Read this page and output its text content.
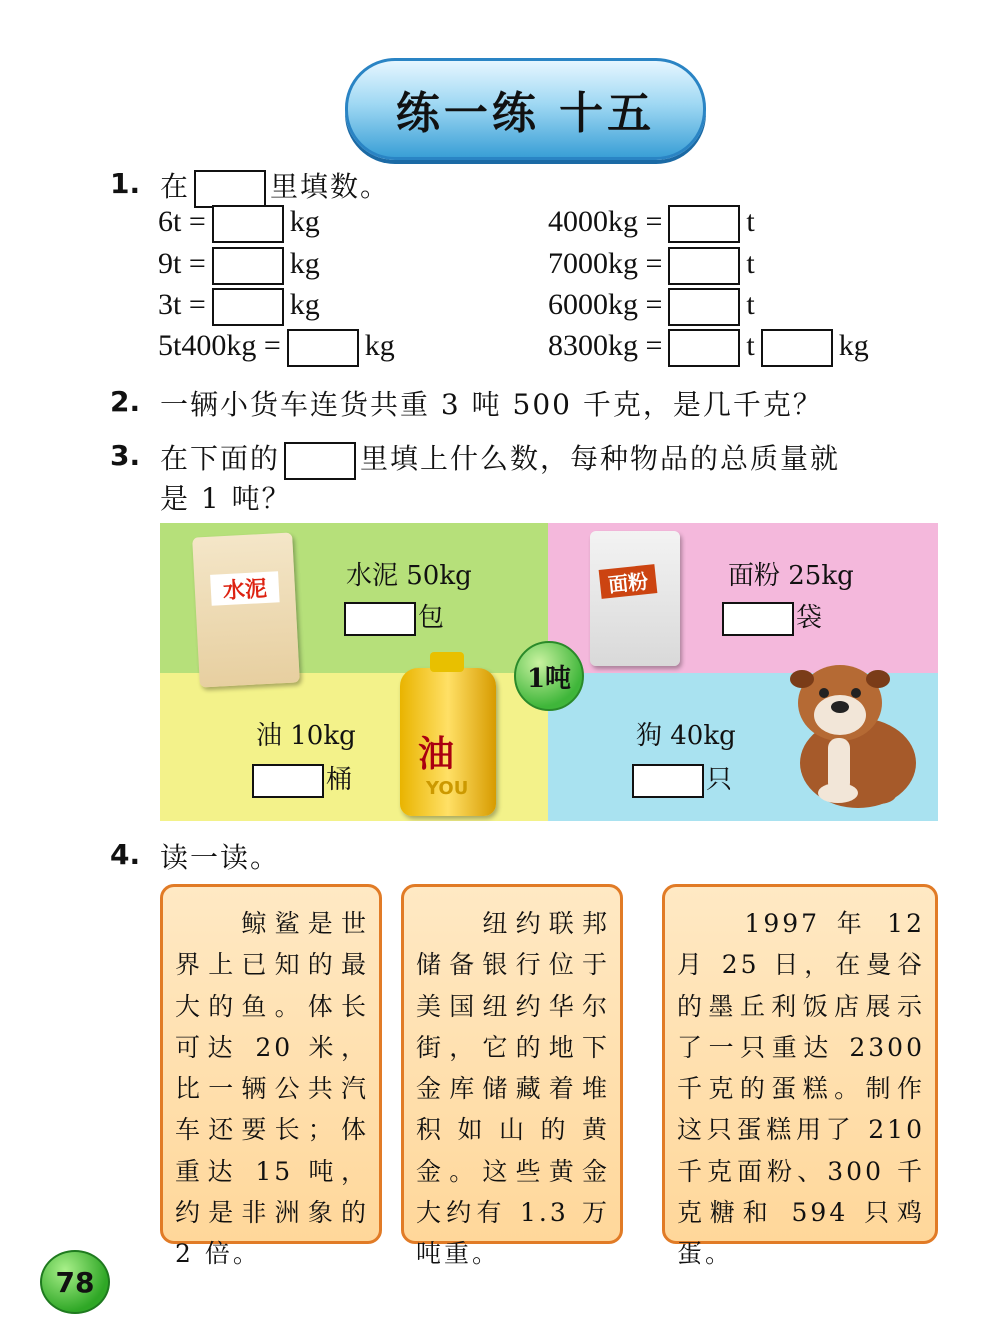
练一练 十五
1. 在	里填数。
6t =	kg
9t =	kg
3t =	kg
5t400kg =	kg
4000kg =	t
7000kg =	t
6000kg =	t
8300kg =	t	kg
2. 一辆小货车连货共重 3 吨 500 千克，是几千克？
3. 在下面的	里填上什么数，每种物品的总质量就
是 1 吨？
水泥	水泥 50kg
包
面粉	面粉 25kg
袋
油
YOU
油 10kg
桶
狗 40kg
只
1吨
4. 读一读。

　　鲸鲨是世界上已知的最大的鱼。体长可达 20 米，比一辆公共汽车还要长；体重达 15 吨，约是非洲象的 2 倍。

　　纽约联邦储备银行位于美国纽约华尔街，它的地下金库储藏着堆积如山的黄金。这些黄金大约有 1.3 万吨重。

　　1997 年 12 月 25 日，在曼谷的墨丘利饭店展示了一只重达 2300 千克的蛋糕。制作这只蛋糕用了 210 千克面粉、300 千克糖和 594 只鸡蛋。

78
